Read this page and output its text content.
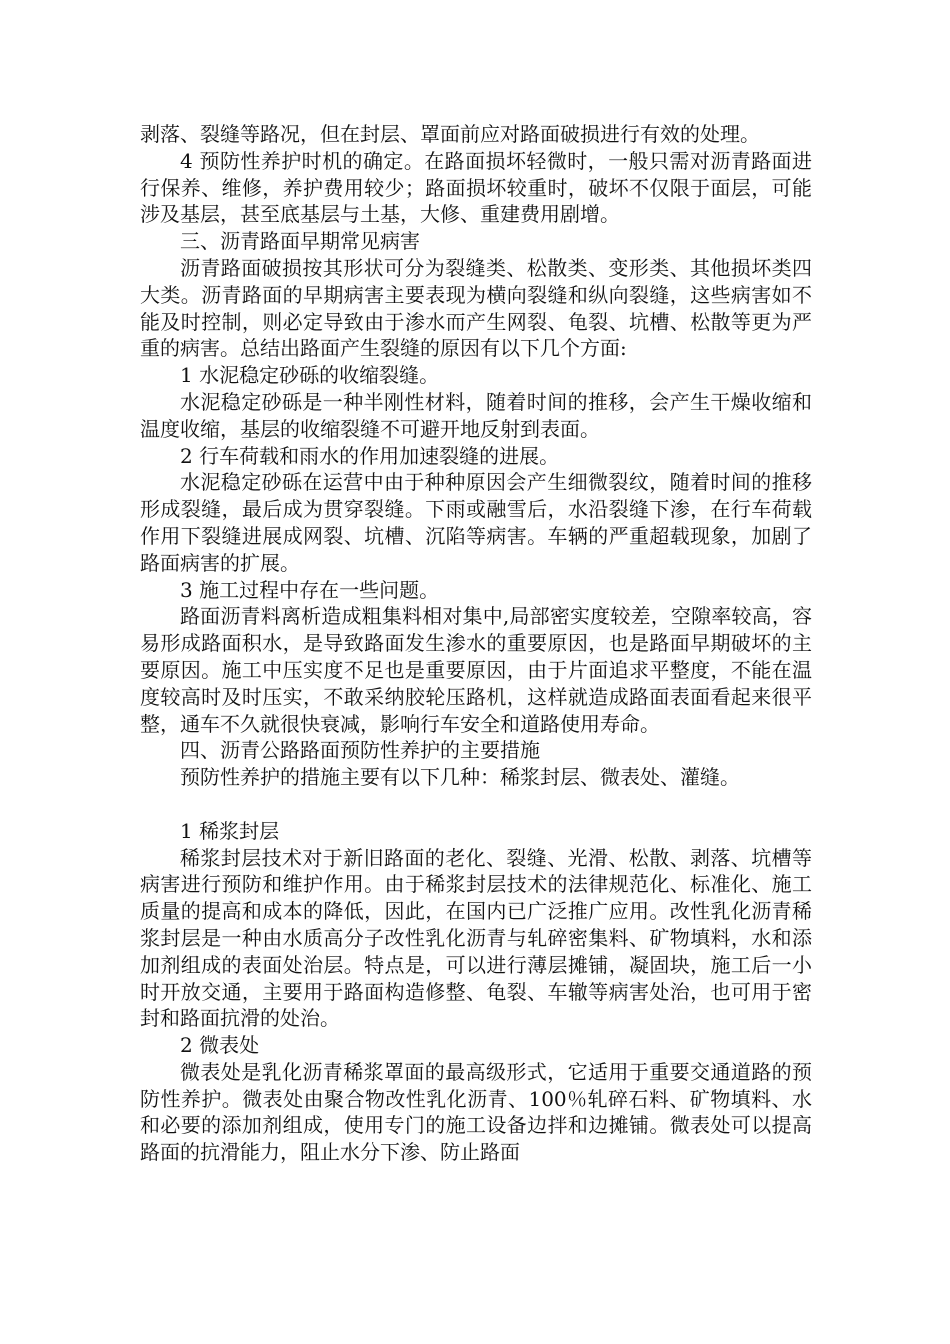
剥落、裂缝等路况，但在封层、罩面前应对路面破损进行有效的处理。

4 预防性养护时机的确定。在路面损坏轻微时，一般只需对沥青路面进行保养、维修，养护费用较少；路面损坏较重时，破坏不仅限于面层，可能涉及基层，甚至底基层与土基，大修、重建费用剧增。

三、沥青路面早期常见病害

沥青路面破损按其形状可分为裂缝类、松散类、变形类、其他损坏类四大类。沥青路面的早期病害主要表现为横向裂缝和纵向裂缝，这些病害如不能及时控制，则必定导致由于渗水而产生网裂、龟裂、坑槽、松散等更为严重的病害。总结出路面产生裂缝的原因有以下几个方面:

1 水泥稳定砂砾的收缩裂缝。

水泥稳定砂砾是一种半刚性材料，随着时间的推移，会产生干燥收缩和温度收缩，基层的收缩裂缝不可避开地反射到表面。

2 行车荷载和雨水的作用加速裂缝的进展。

水泥稳定砂砾在运营中由于种种原因会产生细微裂纹，随着时间的推移形成裂缝，最后成为贯穿裂缝。下雨或融雪后，水沿裂缝下渗，在行车荷载作用下裂缝进展成网裂、坑槽、沉陷等病害。车辆的严重超载现象，加剧了路面病害的扩展。

3 施工过程中存在一些问题。

路面沥青料离析造成粗集料相对集中,局部密实度较差，空隙率较高，容易形成路面积水，是导致路面发生渗水的重要原因，也是路面早期破坏的主要原因。施工中压实度不足也是重要原因，由于片面追求平整度，不能在温度较高时及时压实，不敢采纳胶轮压路机，这样就造成路面表面看起来很平整，通车不久就很快衰减，影响行车安全和道路使用寿命。

四、沥青公路路面预防性养护的主要措施

预防性养护的措施主要有以下几种：稀浆封层、微表处、灌缝。

1 稀浆封层

稀浆封层技术对于新旧路面的老化、裂缝、光滑、松散、剥落、坑槽等病害进行预防和维护作用。由于稀浆封层技术的法律规范化、标准化、施工质量的提高和成本的降低，因此，在国内已广泛推广应用。改性乳化沥青稀浆封层是一种由水质高分子改性乳化沥青与轧碎密集料、矿物填料，水和添加剂组成的表面处治层。特点是，可以进行薄层摊铺，凝固块，施工后一小时开放交通，主要用于路面构造修整、龟裂、车辙等病害处治，也可用于密封和路面抗滑的处治。

2 微表处

微表处是乳化沥青稀浆罩面的最高级形式，它适用于重要交通道路的预防性养护。微表处由聚合物改性乳化沥青、100％轧碎石料、矿物填料、水和必要的添加剂组成，使用专门的施工设备边拌和边摊铺。微表处可以提高路面的抗滑能力，阻止水分下渗、防止路面
